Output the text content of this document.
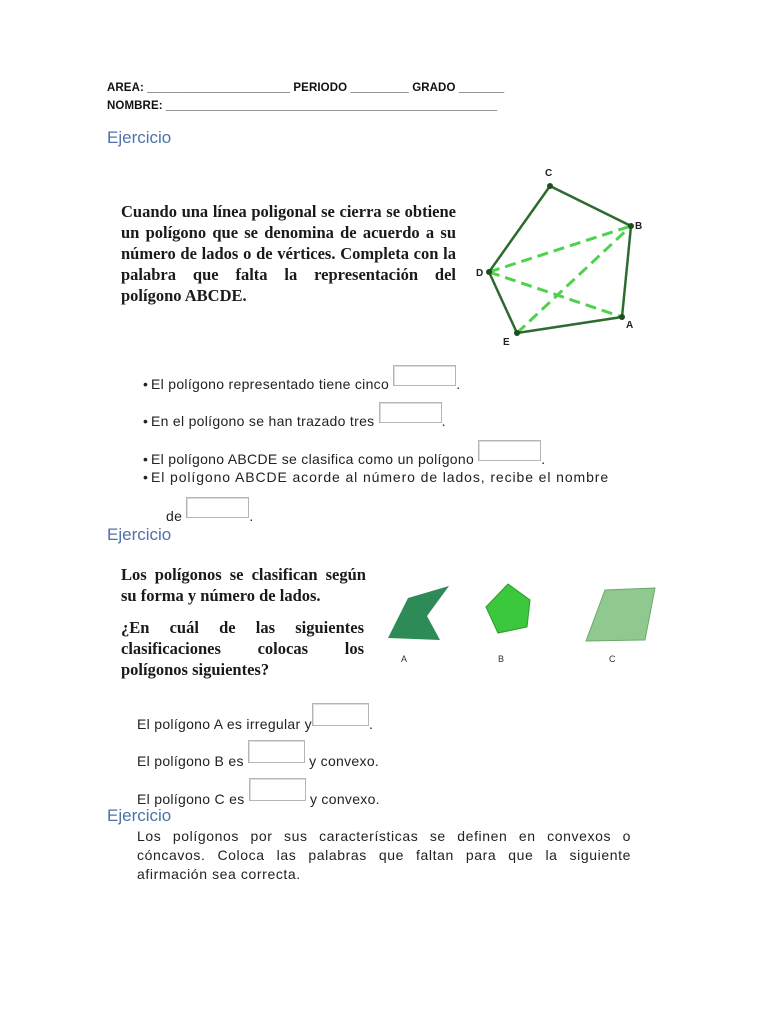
AREA: ______________________ PERIODO _________ GRADO _______
NOMBRE: ___________________________________________________
Ejercicio
Cuando una línea poligonal se cierra se obtiene un polígono que se denomina de acuerdo a su número de lados o de vértices. Completa con la palabra que falta la representación del polígono ABCDE.
A
B
C
D
E
• El polígono representado tiene cinco	.
• En el polígono se han trazado tres	.
• El polígono ABCDE se clasifica como un polígono	.
• El polígono ABCDE acorde al número de lados, recibe el nombre
de	.
Ejercicio
Los polígonos se clasifican según su forma y número de lados.
¿En cuál de las siguientes clasificaciones colocas los polígonos siguientes?
A	B	C
El polígono A es irregular y	.
El polígono B es	y convexo.
El polígono C es	y convexo.
Ejercicio
Los polígonos por sus características se definen en convexos o cóncavos. Coloca las palabras que faltan para que la siguiente afirmación sea correcta.
